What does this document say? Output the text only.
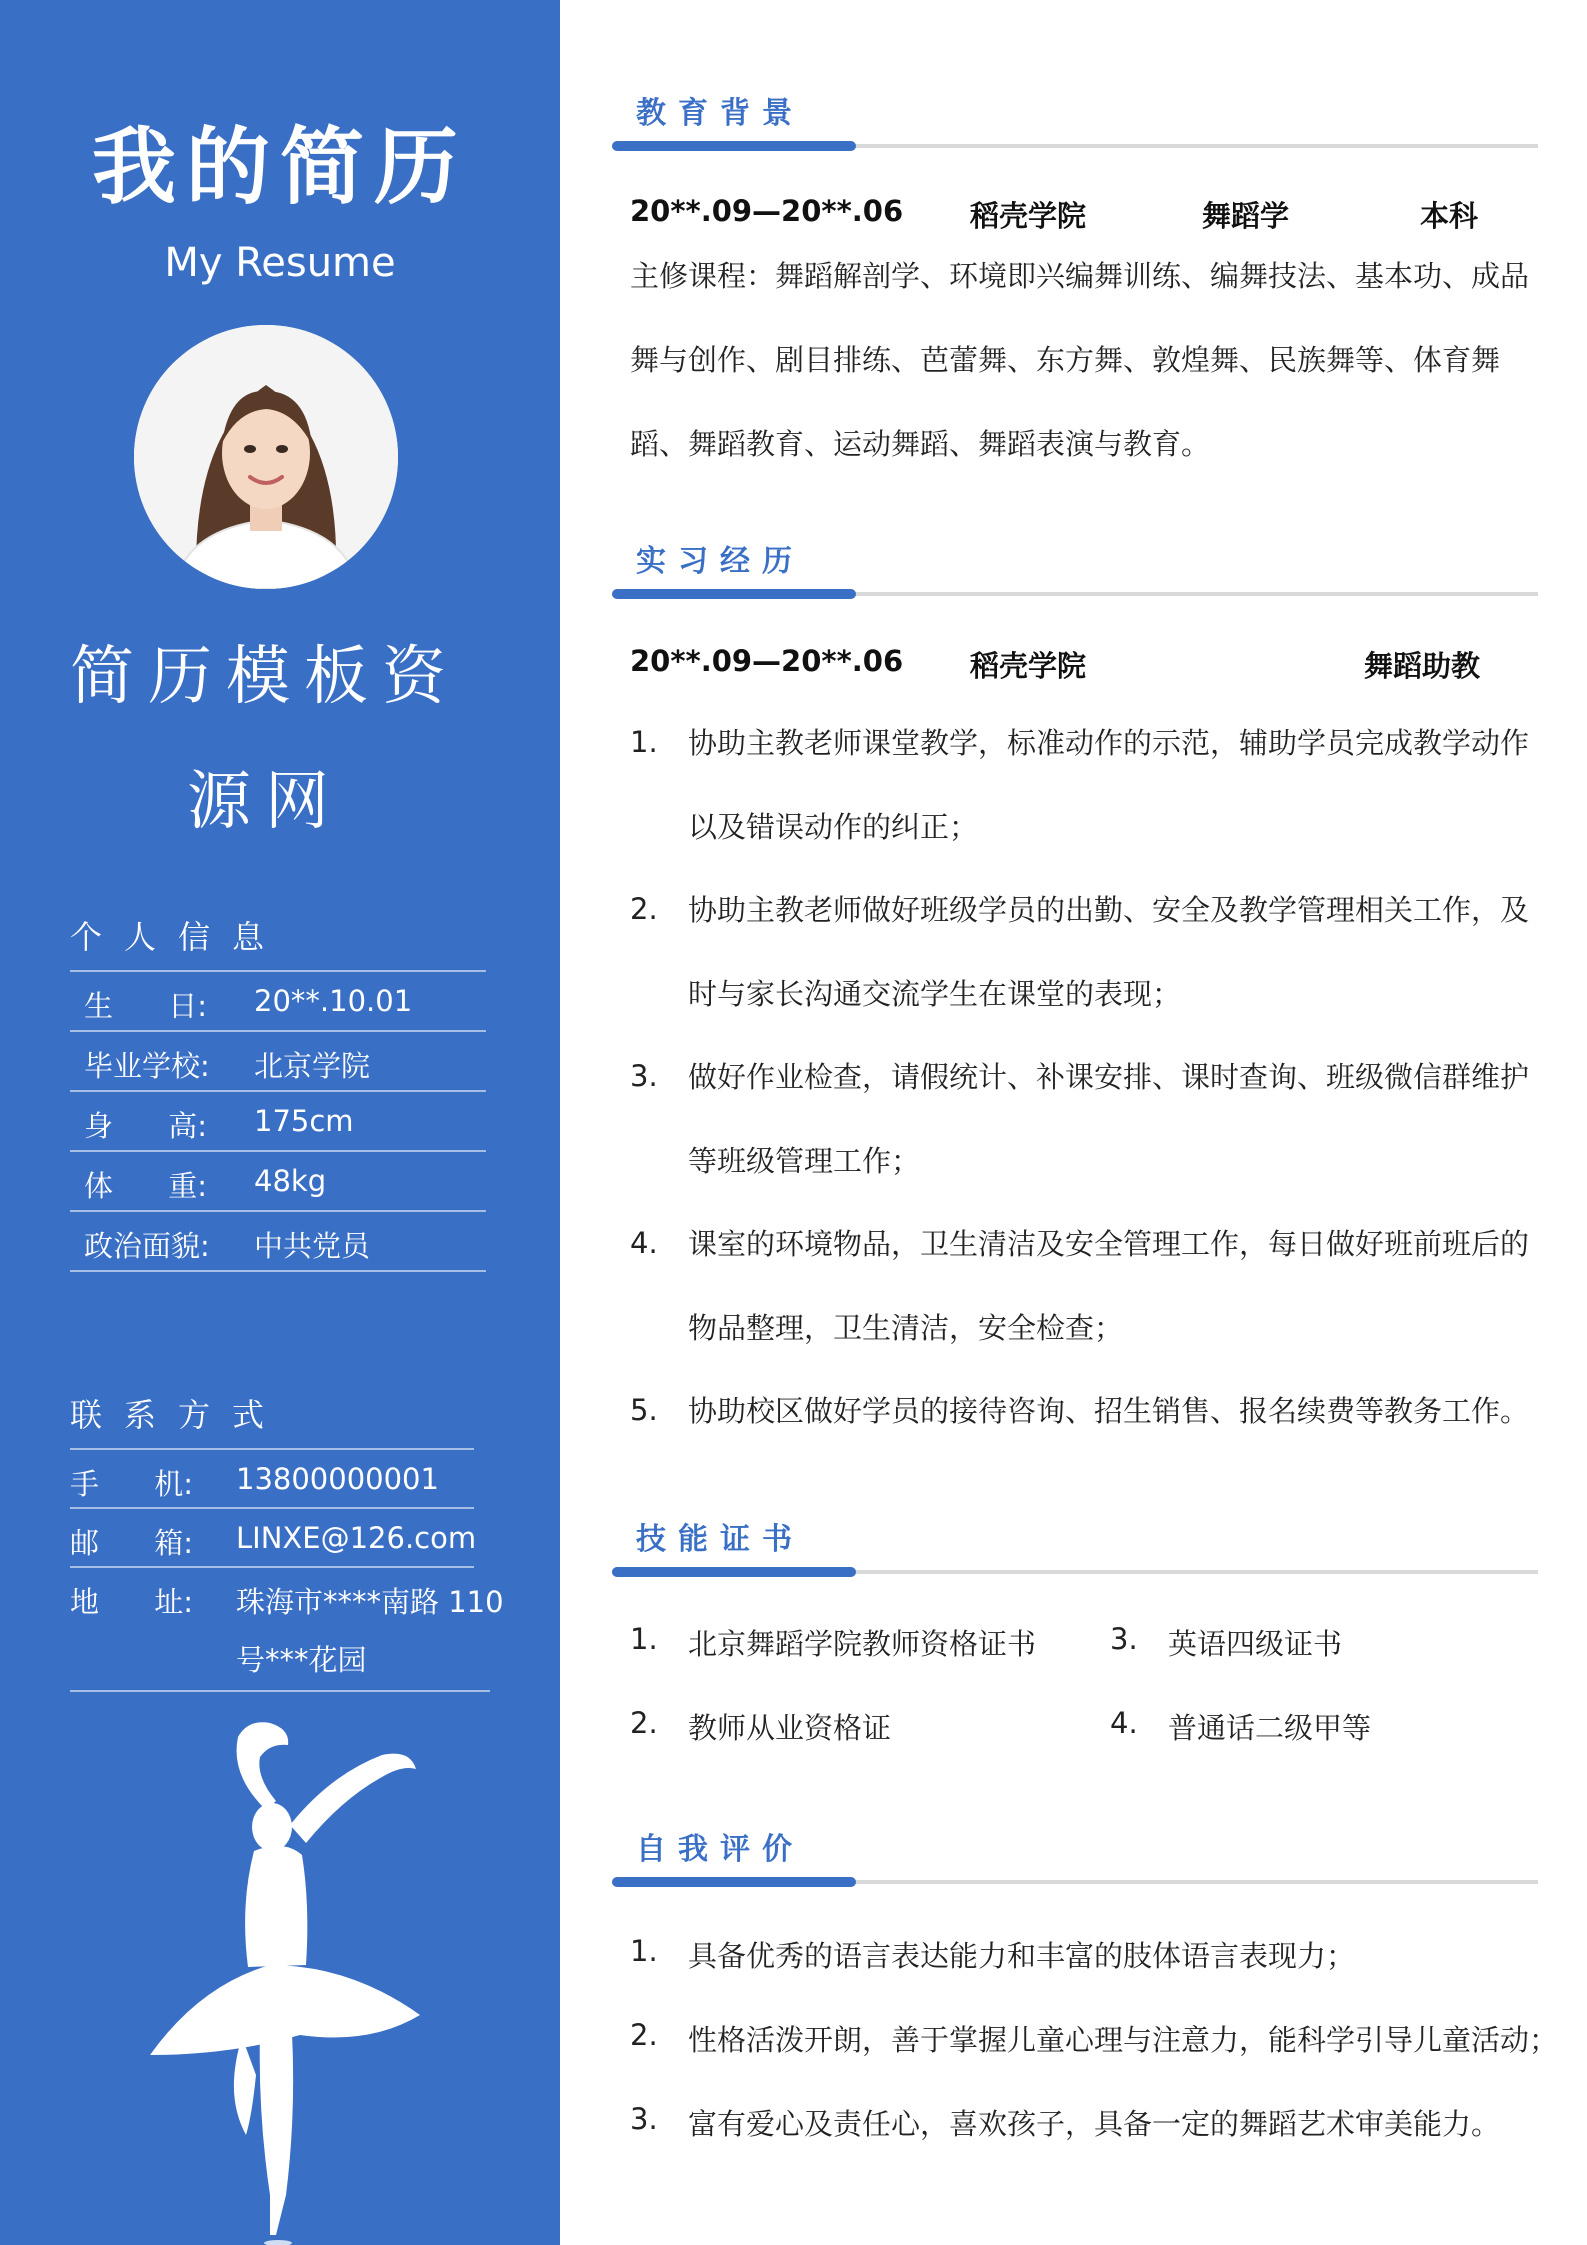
我的简历
My Resume
简历模板资
源网
个人信息
生      日: 20**.10.01
毕业学校: 北京学院
身      高: 175cm
体      重: 48kg
政治面貌: 中共党员
联系方式
手      机: 13800000001
邮      箱: LINXE@126.com
地      址: 珠海市****南路 110
号***花园
教育背景
20**.09—20**.06 稻壳学院	舞蹈学	本科
主修课程：舞蹈解剖学、环境即兴编舞训练、编舞技法、基本功、成品舞与创作、剧目排练、芭蕾舞、东方舞、敦煌舞、民族舞等、体育舞蹈、舞蹈教育、运动舞蹈、舞蹈表演与教育。
实习经历
20**.09—20**.06 稻壳学院	舞蹈助教
1. 协助主教老师课堂教学，标准动作的示范，辅助学员完成教学动作以及错误动作的纠正；
2. 协助主教老师做好班级学员的出勤、安全及教学管理相关工作，及时与家长沟通交流学生在课堂的表现；
3. 做好作业检查，请假统计、补课安排、课时查询、班级微信群维护等班级管理工作；
4. 课室的环境物品，卫生清洁及安全管理工作，每日做好班前班后的物品整理，卫生清洁，安全检查；
5. 协助校区做好学员的接待咨询、招生销售、报名续费等教务工作。
技能证书
1. 北京舞蹈学院教师资格证书	3. 英语四级证书
2. 教师从业资格证	4. 普通话二级甲等
自我评价
1. 具备优秀的语言表达能力和丰富的肢体语言表现力；
2. 性格活泼开朗，善于掌握儿童心理与注意力，能科学引导儿童活动；
3. 富有爱心及责任心，喜欢孩子，具备一定的舞蹈艺术审美能力。
